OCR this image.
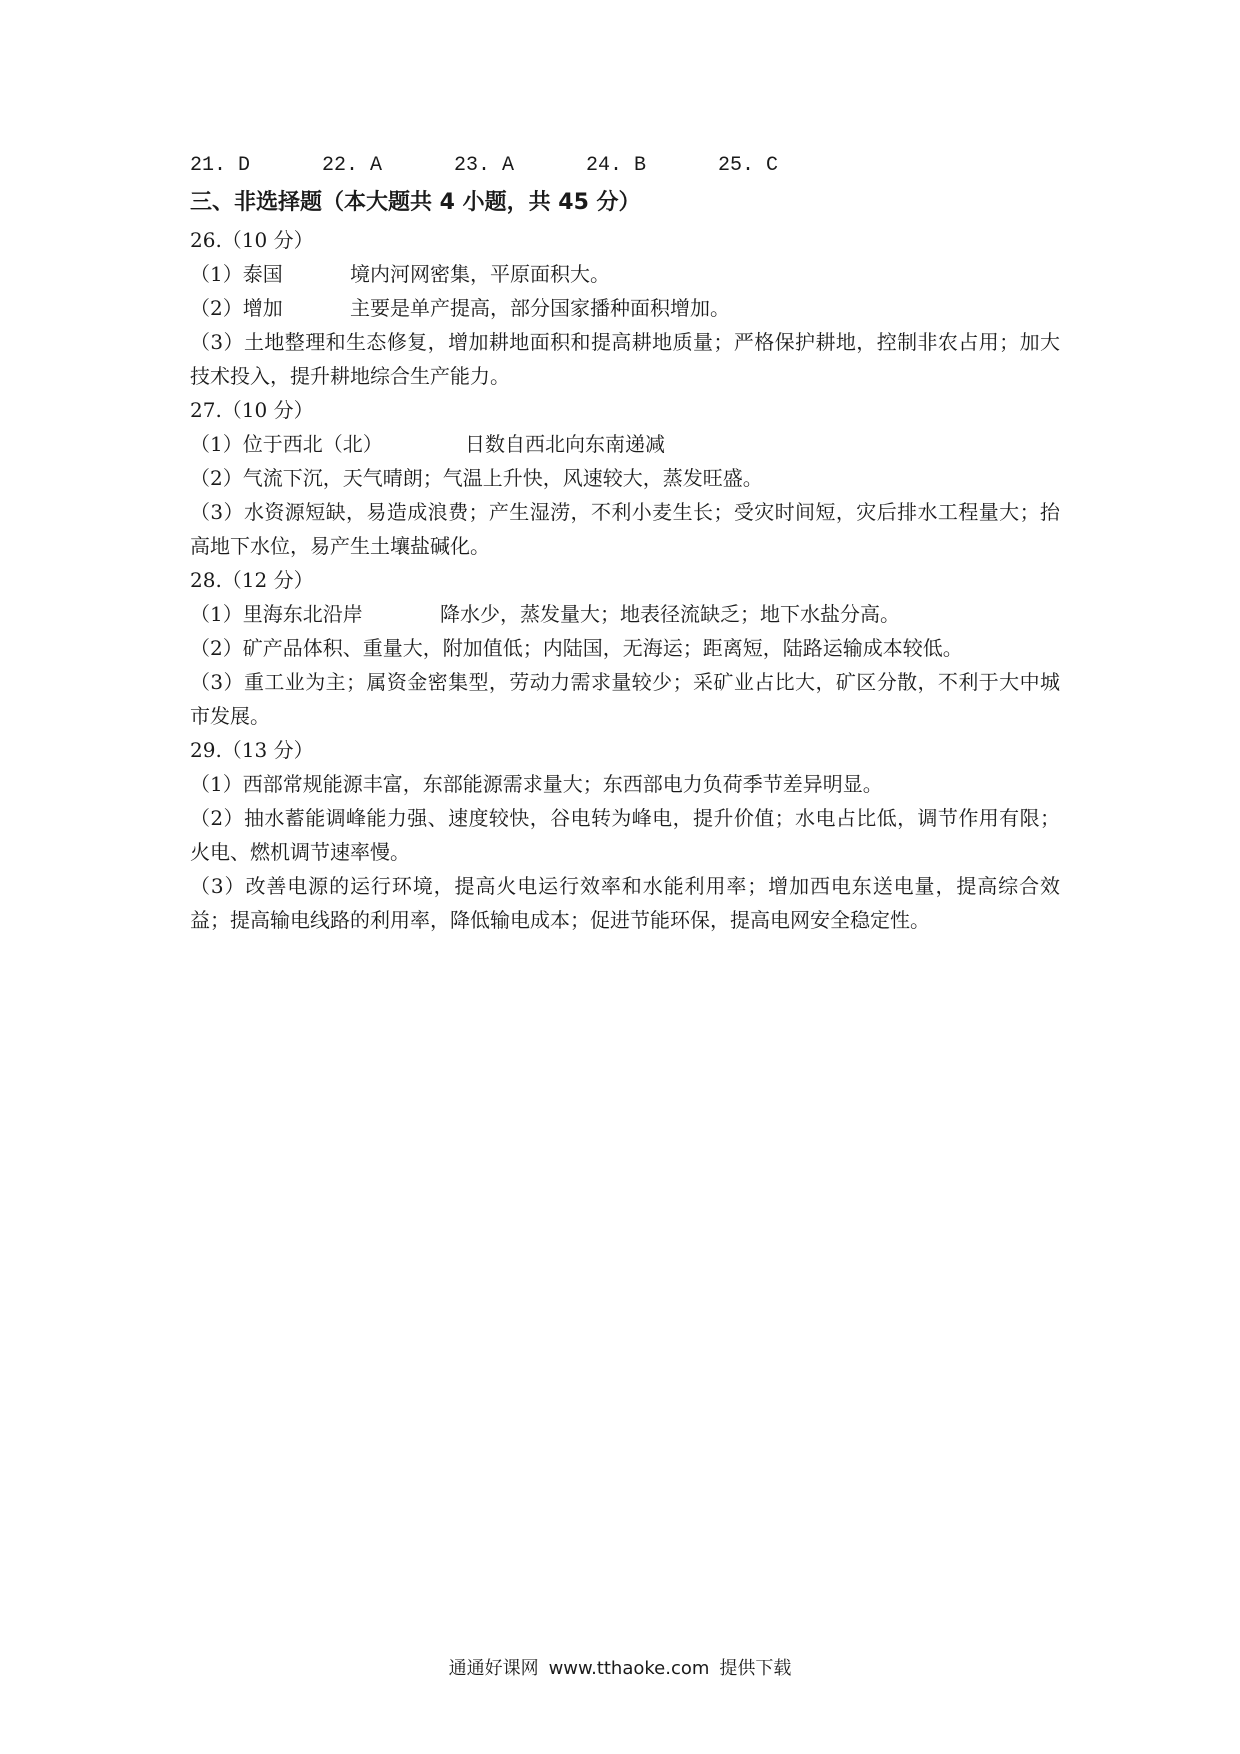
21. D	22. A	23. A	24. B	25. C
三、非选择题（本大题共 4 小题，共 45 分）
26.（10 分）
（1）泰国	境内河网密集，平原面积大。
（2）增加	主要是单产提高，部分国家播种面积增加。
（3）土地整理和生态修复，增加耕地面积和提高耕地质量；严格保护耕地，控制非农占用；加大技术投入，提升耕地综合生产能力。
27.（10 分）
（1）位于西北（北）	日数自西北向东南递减
（2）气流下沉，天气晴朗；气温上升快，风速较大，蒸发旺盛。
（3）水资源短缺，易造成浪费；产生湿涝，不利小麦生长；受灾时间短，灾后排水工程量大；抬高地下水位，易产生土壤盐碱化。
28.（12 分）
（1）里海东北沿岸	降水少，蒸发量大；地表径流缺乏；地下水盐分高。
（2）矿产品体积、重量大，附加值低；内陆国，无海运；距离短，陆路运输成本较低。
（3）重工业为主；属资金密集型，劳动力需求量较少；采矿业占比大，矿区分散，不利于大中城市发展。
29.（13 分）
（1）西部常规能源丰富，东部能源需求量大；东西部电力负荷季节差异明显。
（2）抽水蓄能调峰能力强、速度较快，谷电转为峰电，提升价值；水电占比低，调节作用有限；火电、燃机调节速率慢。
（3）改善电源的运行环境，提高火电运行效率和水能利用率；增加西电东送电量，提高综合效益；提高输电线路的利用率，降低输电成本；促进节能环保，提高电网安全稳定性。
通通好课网 www.tthaoke.com 提供下载
